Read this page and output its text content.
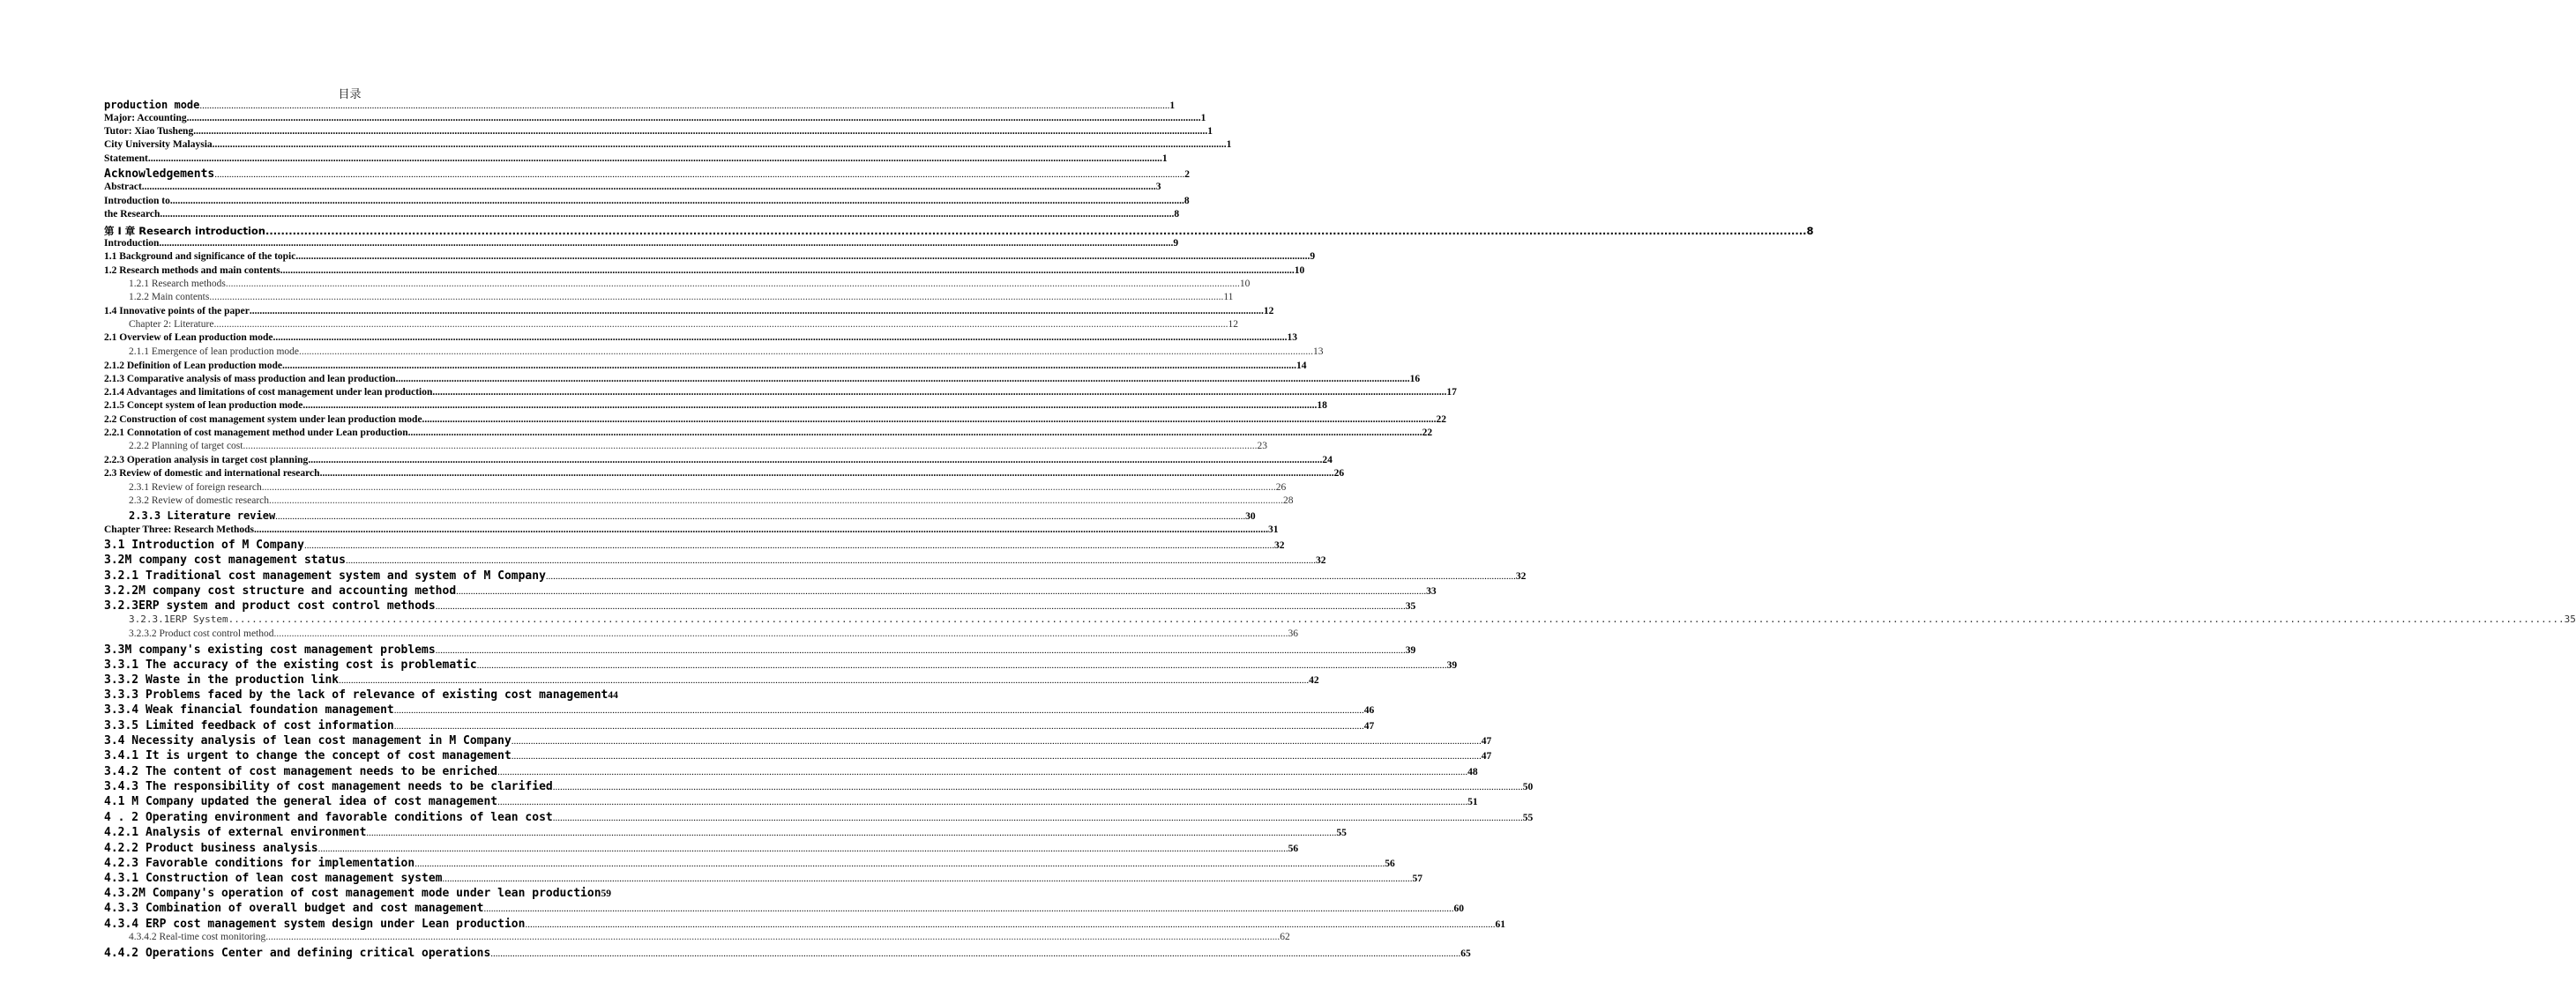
目录
production mode ................................................................................................................................................................................................................................................................................................................................................................................................................ 1
Major: Accounting ................................................................................................................................................................................................................................................................................................................................................................................................................ 1
Tutor: Xiao Tusheng ................................................................................................................................................................................................................................................................................................................................................................................................................ 1
City University Malaysia ................................................................................................................................................................................................................................................................................................................................................................................................................ 1
Statement ................................................................................................................................................................................................................................................................................................................................................................................................................ 1
Acknowledgements ................................................................................................................................................................................................................................................................................................................................................................................................................ 2
Abstract ................................................................................................................................................................................................................................................................................................................................................................................................................ 3
Introduction to ................................................................................................................................................................................................................................................................................................................................................................................................................ 8
the Research ................................................................................................................................................................................................................................................................................................................................................................................................................ 8
第 I 章 Research introduction ................................................................................................................................................................................................................................................................................................................................................................................................................ 8
Introduction ................................................................................................................................................................................................................................................................................................................................................................................................................ 9
1.1 Background and significance of the topic ................................................................................................................................................................................................................................................................................................................................................................................................................ 9
1.2 Research methods and main contents ................................................................................................................................................................................................................................................................................................................................................................................................................ 10
1.2.1 Research methods ................................................................................................................................................................................................................................................................................................................................................................................................................ 10
1.2.2 Main contents ................................................................................................................................................................................................................................................................................................................................................................................................................ 11
1.4 Innovative points of the paper ................................................................................................................................................................................................................................................................................................................................................................................................................ 12
Chapter 2: Literature ................................................................................................................................................................................................................................................................................................................................................................................................................ 12
2.1 Overview of Lean production mode ................................................................................................................................................................................................................................................................................................................................................................................................................ 13
2.1.1 Emergence of lean production mode ................................................................................................................................................................................................................................................................................................................................................................................................................ 13
2.1.2 Definition of Lean production mode ................................................................................................................................................................................................................................................................................................................................................................................................................ 14
2.1.3 Comparative analysis of mass production and lean production ................................................................................................................................................................................................................................................................................................................................................................................................................ 16
2.1.4 Advantages and limitations of cost management under lean production ................................................................................................................................................................................................................................................................................................................................................................................................................ 17
2.1.5 Concept system of lean production mode ................................................................................................................................................................................................................................................................................................................................................................................................................ 18
2.2 Construction of cost management system under lean production mode ................................................................................................................................................................................................................................................................................................................................................................................................................ 22
2.2.1 Connotation of cost management method under Lean production ................................................................................................................................................................................................................................................................................................................................................................................................................ 22
2.2.2 Planning of target cost ................................................................................................................................................................................................................................................................................................................................................................................................................ 23
2.2.3 Operation analysis in target cost planning ................................................................................................................................................................................................................................................................................................................................................................................................................ 24
2.3 Review of domestic and international research ................................................................................................................................................................................................................................................................................................................................................................................................................ 26
2.3.1 Review of foreign research ................................................................................................................................................................................................................................................................................................................................................................................................................ 26
2.3.2 Review of domestic research ................................................................................................................................................................................................................................................................................................................................................................................................................ 28
2.3.3 Literature review ................................................................................................................................................................................................................................................................................................................................................................................................................ 30
Chapter Three: Research Methods ................................................................................................................................................................................................................................................................................................................................................................................................................ 31
3.1 Introduction of M Company ................................................................................................................................................................................................................................................................................................................................................................................................................ 32
3.2M company cost management status ................................................................................................................................................................................................................................................................................................................................................................................................................ 32
3.2.1 Traditional cost management system and system of M Company ................................................................................................................................................................................................................................................................................................................................................................................................................ 32
3.2.2M company cost structure and accounting method ................................................................................................................................................................................................................................................................................................................................................................................................................ 33
3.2.3ERP system and product cost control methods ................................................................................................................................................................................................................................................................................................................................................................................................................ 35
3.2.3.1ERP System ................................................................................................................................................................................................................................................................................................................................................................................................................ 35
3.2.3.2 Product cost control method ................................................................................................................................................................................................................................................................................................................................................................................................................ 36
3.3M company's existing cost management problems ................................................................................................................................................................................................................................................................................................................................................................................................................ 39
3.3.1 The accuracy of the existing cost is problematic ................................................................................................................................................................................................................................................................................................................................................................................................................ 39
3.3.2 Waste in the production link ................................................................................................................................................................................................................................................................................................................................................................................................................ 42
3.3.3 Problems faced by the lack of relevance of existing cost management 44
3.3.4 Weak financial foundation management ................................................................................................................................................................................................................................................................................................................................................................................................................ 46
3.3.5 Limited feedback of cost information ................................................................................................................................................................................................................................................................................................................................................................................................................ 47
3.4 Necessity analysis of lean cost management in M Company ................................................................................................................................................................................................................................................................................................................................................................................................................ 47
3.4.1 It is urgent to change the concept of cost management ................................................................................................................................................................................................................................................................................................................................................................................................................ 47
3.4.2 The content of cost management needs to be enriched ................................................................................................................................................................................................................................................................................................................................................................................................................ 48
3.4.3 The responsibility of cost management needs to be clarified ................................................................................................................................................................................................................................................................................................................................................................................................................ 50
4.1 M Company updated the general idea of cost management ................................................................................................................................................................................................................................................................................................................................................................................................................ 51
4 . 2 Operating environment and favorable conditions of lean cost ................................................................................................................................................................................................................................................................................................................................................................................................................ 55
4.2.1 Analysis of external environment ................................................................................................................................................................................................................................................................................................................................................................................................................ 55
4.2.2 Product business analysis ................................................................................................................................................................................................................................................................................................................................................................................................................ 56
4.2.3 Favorable conditions for implementation ................................................................................................................................................................................................................................................................................................................................................................................................................ 56
4.3.1 Construction of lean cost management system ................................................................................................................................................................................................................................................................................................................................................................................................................ 57
4.3.2M Company's operation of cost management mode under lean production 59
4.3.3 Combination of overall budget and cost management ................................................................................................................................................................................................................................................................................................................................................................................................................ 60
4.3.4 ERP cost management system design under Lean production ................................................................................................................................................................................................................................................................................................................................................................................................................ 61
4.3.4.2 Real-time cost monitoring ................................................................................................................................................................................................................................................................................................................................................................................................................ 62
4.4.2 Operations Center and defining critical operations ................................................................................................................................................................................................................................................................................................................................................................................................................ 65
